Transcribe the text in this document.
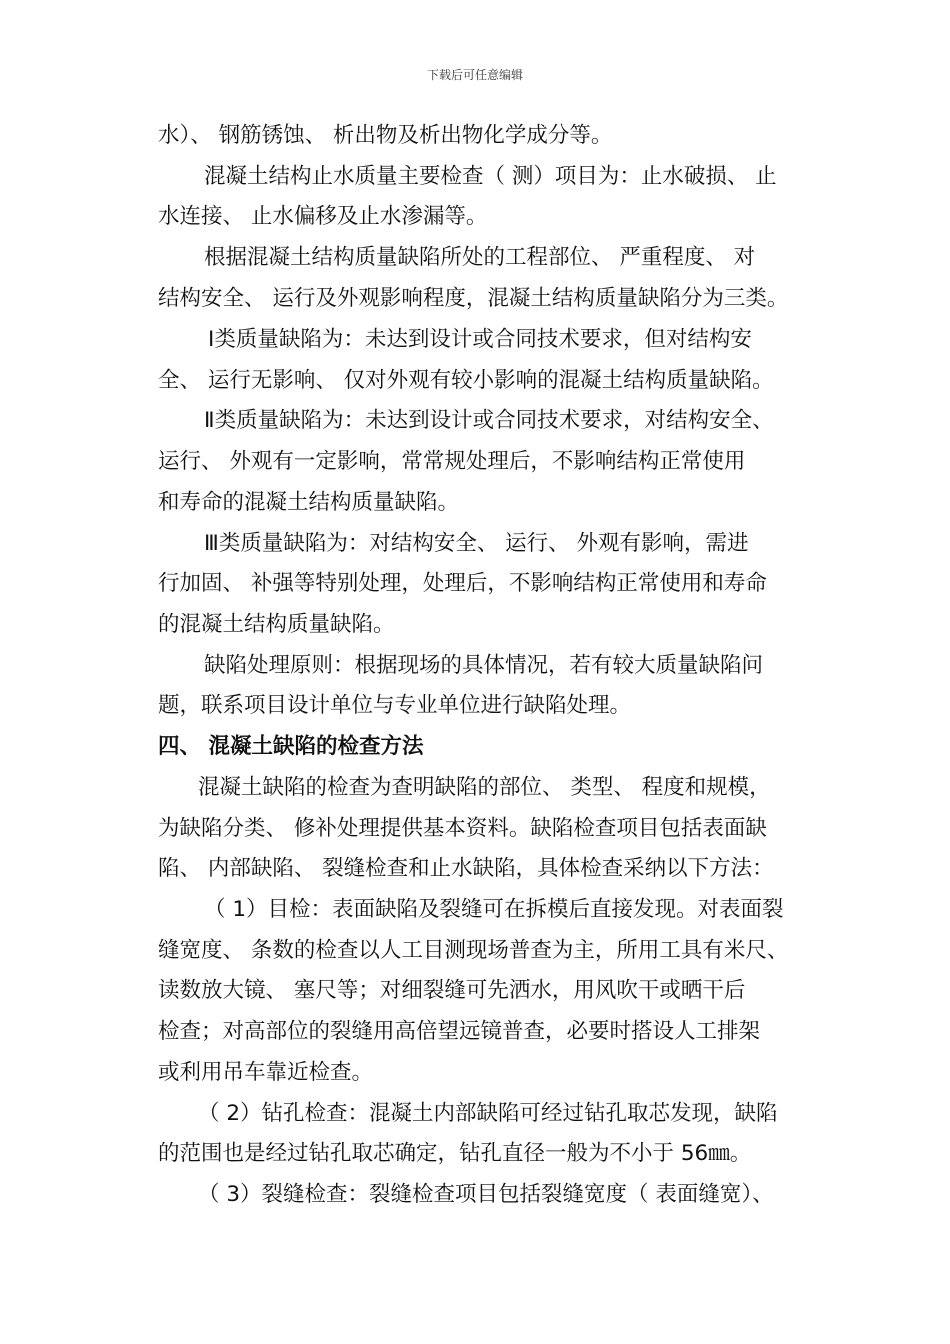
下载后可任意编辑
水）、 钢筋锈蚀、 析出物及析出物化学成分等。
混凝土结构止水质量主要检查（ 测）项目为：止水破损、 止
水连接、 止水偏移及止水渗漏等。
根据混凝土结构质量缺陷所处的工程部位、 严重程度、 对
结构安全、 运行及外观影响程度，混凝土结构质量缺陷分为三类。
Ⅰ类质量缺陷为：未达到设计或合同技术要求，但对结构安
全、 运行无影响、 仅对外观有较小影响的混凝土结构质量缺陷。
Ⅱ类质量缺陷为：未达到设计或合同技术要求，对结构安全、
运行、 外观有一定影响，常常规处理后，不影响结构正常使用
和寿命的混凝土结构质量缺陷。
Ⅲ类质量缺陷为：对结构安全、 运行、 外观有影响，需进
行加固、 补强等特别处理，处理后，不影响结构正常使用和寿命
的混凝土结构质量缺陷。
缺陷处理原则：根据现场的具体情况，若有较大质量缺陷问
题，联系项目设计单位与专业单位进行缺陷处理。
四、 混凝土缺陷的检查方法
混凝土缺陷的检查为查明缺陷的部位、 类型、 程度和规模，
为缺陷分类、 修补处理提供基本资料。缺陷检查项目包括表面缺
陷、 内部缺陷、 裂缝检查和止水缺陷，具体检查采纳以下方法：
（ 1）目检：表面缺陷及裂缝可在拆模后直接发现。对表面裂
缝宽度、 条数的检查以人工目测现场普查为主，所用工具有米尺、
读数放大镜、 塞尺等；对细裂缝可先洒水，用风吹干或晒干后
检查；对高部位的裂缝用高倍望远镜普查，必要时搭设人工排架
或利用吊车靠近检查。
（ 2）钻孔检查：混凝土内部缺陷可经过钻孔取芯发现，缺陷
的范围也是经过钻孔取芯确定，钻孔直径一般为不小于 56㎜。
（ 3）裂缝检查：裂缝检查项目包括裂缝宽度（ 表面缝宽）、
